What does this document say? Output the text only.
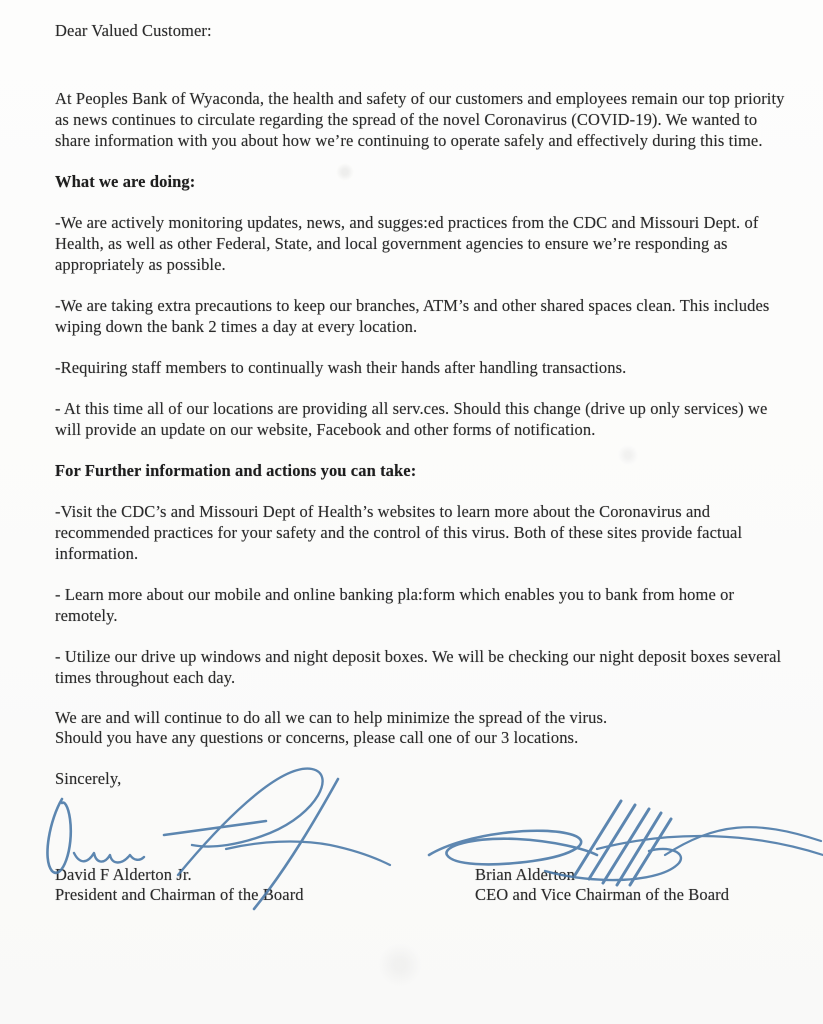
Dear Valued Customer:

At Peoples Bank of Wyaconda, the health and safety of our customers and employees remain our top priority as news continues to circulate regarding the spread of the novel Coronavirus (COVID-19). We wanted to share information with you about how we’re continuing to operate safely and effectively during this time.

What we are doing:

-We are actively monitoring updates, news, and sugges:ed practices from the CDC and Missouri Dept. of Health, as well as other Federal, State, and local government agencies to ensure we’re responding as appropriately as possible.

-We are taking extra precautions to keep our branches, ATM’s and other shared spaces clean. This includes wiping down the bank 2 times a day at every location.

-Requiring staff members to continually wash their hands after handling transactions.

- At this time all of our locations are providing all serv.ces. Should this change (drive up only services) we will provide an update on our website, Facebook and other forms of notification.

For Further information and actions you can take:

-Visit the CDC’s and Missouri Dept of Health’s websites to learn more about the Coronavirus and recommended practices for your safety and the control of this virus. Both of these sites provide factual information.

- Learn more about our mobile and online banking pla:form which enables you to bank from home or remotely.

- Utilize our drive up windows and night deposit boxes. We will be checking our night deposit boxes several times throughout each day.

We are and will continue to do all we can to help minimize the spread of the virus.
Should you have any questions or concerns, please call one of our 3 locations.

Sincerely,

David F Alderton Jr.
President and Chairman of the Board
Brian Alderton
CEO and Vice Chairman of the Board
